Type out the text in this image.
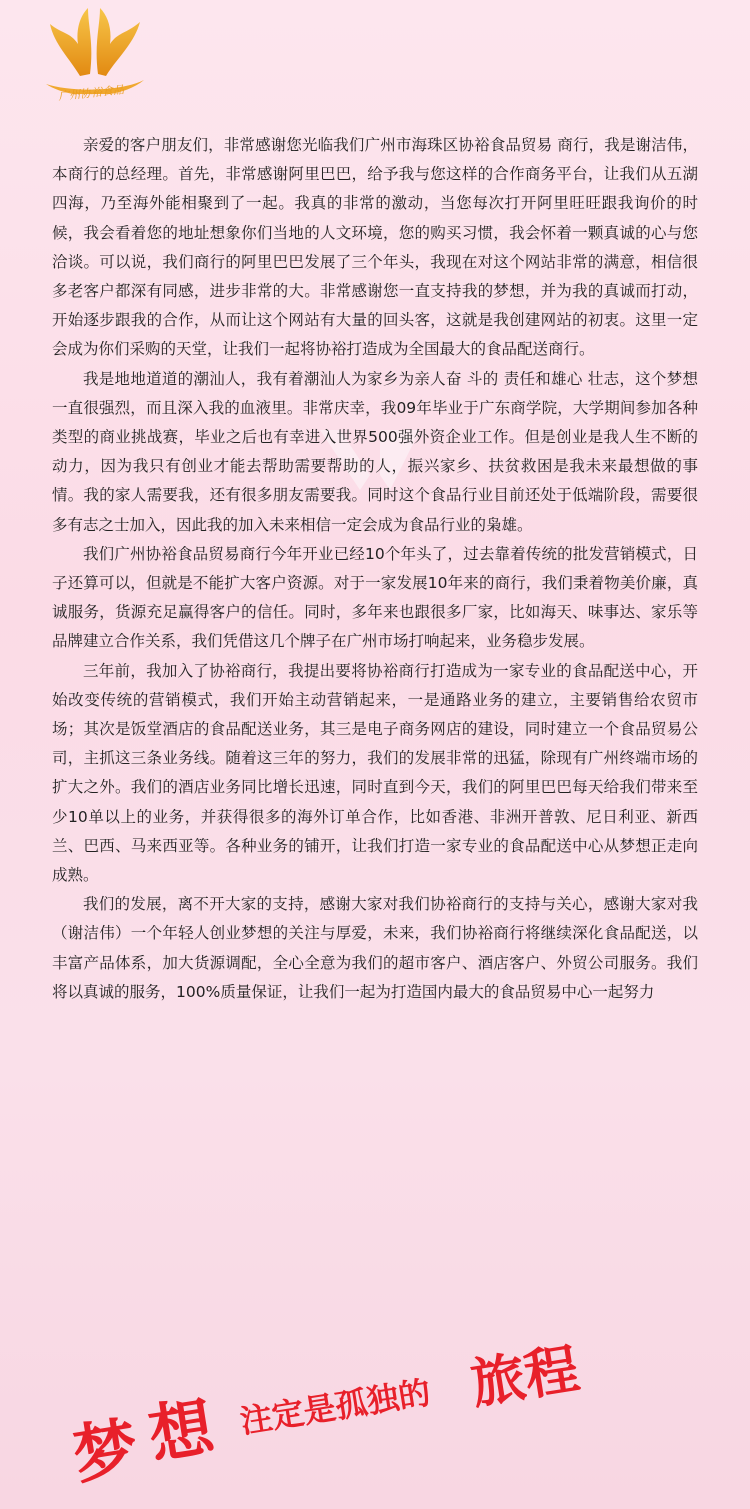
广州协裕食品

亲爱的客户朋友们，非常感谢您光临我们广州市海珠区协裕食品贸易 商行，我是谢洁伟，本商行的总经理。首先，非常感谢阿里巴巴，给予我与您这样的合作商务平台，让我们从五湖四海，乃至海外能相聚到了一起。我真的非常的激动，当您每次打开阿里旺旺跟我询价的时候，我会看着您的地址想象你们当地的人文环境，您的购买习惯，我会怀着一颗真诚的心与您洽谈。可以说，我们商行的阿里巴巴发展了三个年头，我现在对这个网站非常的满意，相信很多老客户都深有同感，进步非常的大。非常感谢您一直支持我的梦想，并为我的真诚而打动，开始逐步跟我的合作，从而让这个网站有大量的回头客，这就是我创建网站的初衷。这里一定会成为你们采购的天堂，让我们一起将协裕打造成为全国最大的食品配送商行。

我是地地道道的潮汕人，我有着潮汕人为家乡为亲人奋 斗的 责任和雄心 壮志，这个梦想一直很强烈，而且深入我的血液里。非常庆幸，我09年毕业于广东商学院，大学期间参加各种类型的商业挑战赛，毕业之后也有幸进入世界500强外资企业工作。但是创业是我人生不断的动力，因为我只有创业才能去帮助需要帮助的人，振兴家乡、扶贫救困是我未来最想做的事情。我的家人需要我，还有很多朋友需要我。同时这个食品行业目前还处于低端阶段，需要很多有志之士加入，因此我的加入未来相信一定会成为食品行业的枭雄。

我们广州协裕食品贸易商行今年开业已经10个年头了，过去靠着传统的批发营销模式，日子还算可以，但就是不能扩大客户资源。对于一家发展10年来的商行，我们秉着物美价廉，真诚服务，货源充足赢得客户的信任。同时，多年来也跟很多厂家，比如海天、味事达、家乐等品牌建立合作关系，我们凭借这几个牌子在广州市场打响起来，业务稳步发展。

三年前，我加入了协裕商行，我提出要将协裕商行打造成为一家专业的食品配送中心，开始改变传统的营销模式，我们开始主动营销起来，一是通路业务的建立，主要销售给农贸市场；其次是饭堂酒店的食品配送业务，其三是电子商务网店的建设，同时建立一个食品贸易公司，主抓这三条业务线。随着这三年的努力，我们的发展非常的迅猛，除现有广州终端市场的扩大之外。我们的酒店业务同比增长迅速，同时直到今天，我们的阿里巴巴每天给我们带来至少10单以上的业务，并获得很多的海外订单合作，比如香港、非洲开普敦、尼日利亚、新西兰、巴西、马来西亚等。各种业务的铺开，让我们打造一家专业的食品配送中心从梦想正走向成熟。

我们的发展，离不开大家的支持，感谢大家对我们协裕商行的支持与关心，感谢大家对我（谢洁伟）一个年轻人创业梦想的关注与厚爱，未来，我们协裕商行将继续深化食品配送，以丰富产品体系，加大货源调配，全心全意为我们的超市客户、酒店客户、外贸公司服务。我们将以真诚的服务，100%质量保证，让我们一起为打造国内最大的食品贸易中心一起努力

梦 想 注定是孤独的 旅程
